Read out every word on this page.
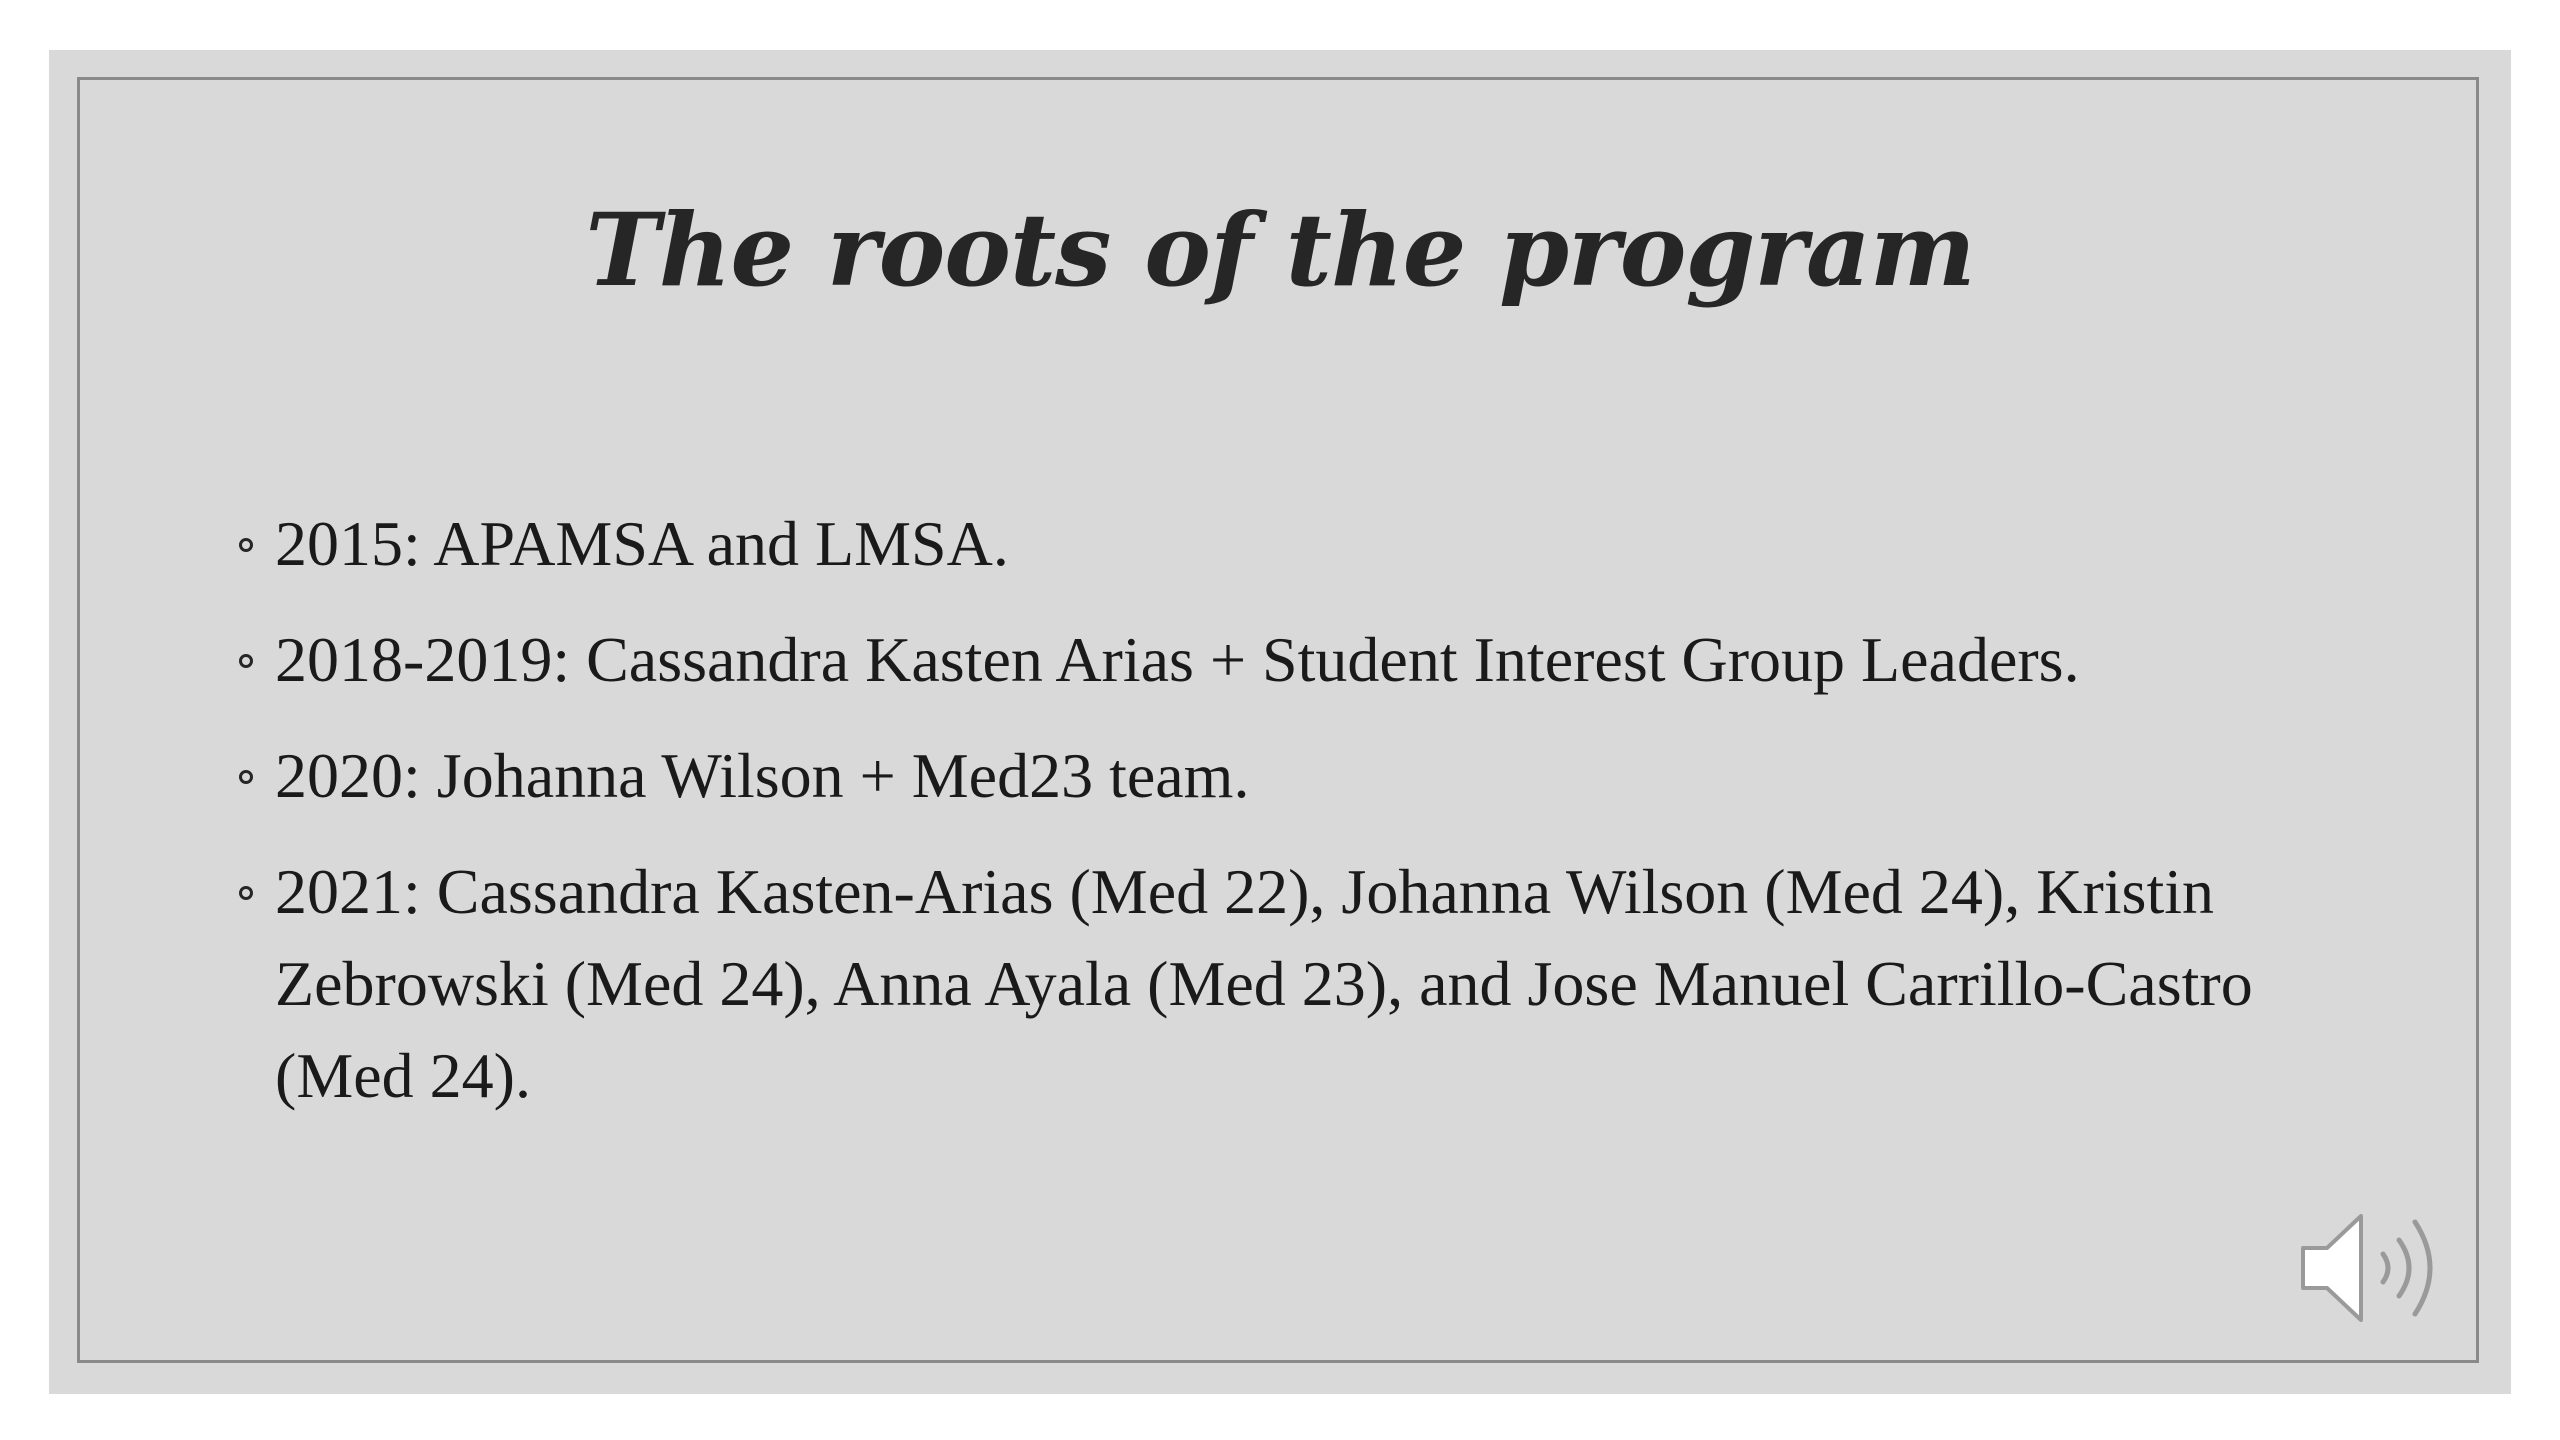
The roots of the program
2015: APAMSA and LMSA.
2018-2019: Cassandra Kasten Arias + Student Interest Group Leaders.
2020: Johanna Wilson + Med23 team.
2021: Cassandra Kasten-Arias (Med 22), Johanna Wilson (Med 24), Kristin Zebrowski (Med 24), Anna Ayala (Med 23), and Jose Manuel Carrillo-Castro (Med 24).
